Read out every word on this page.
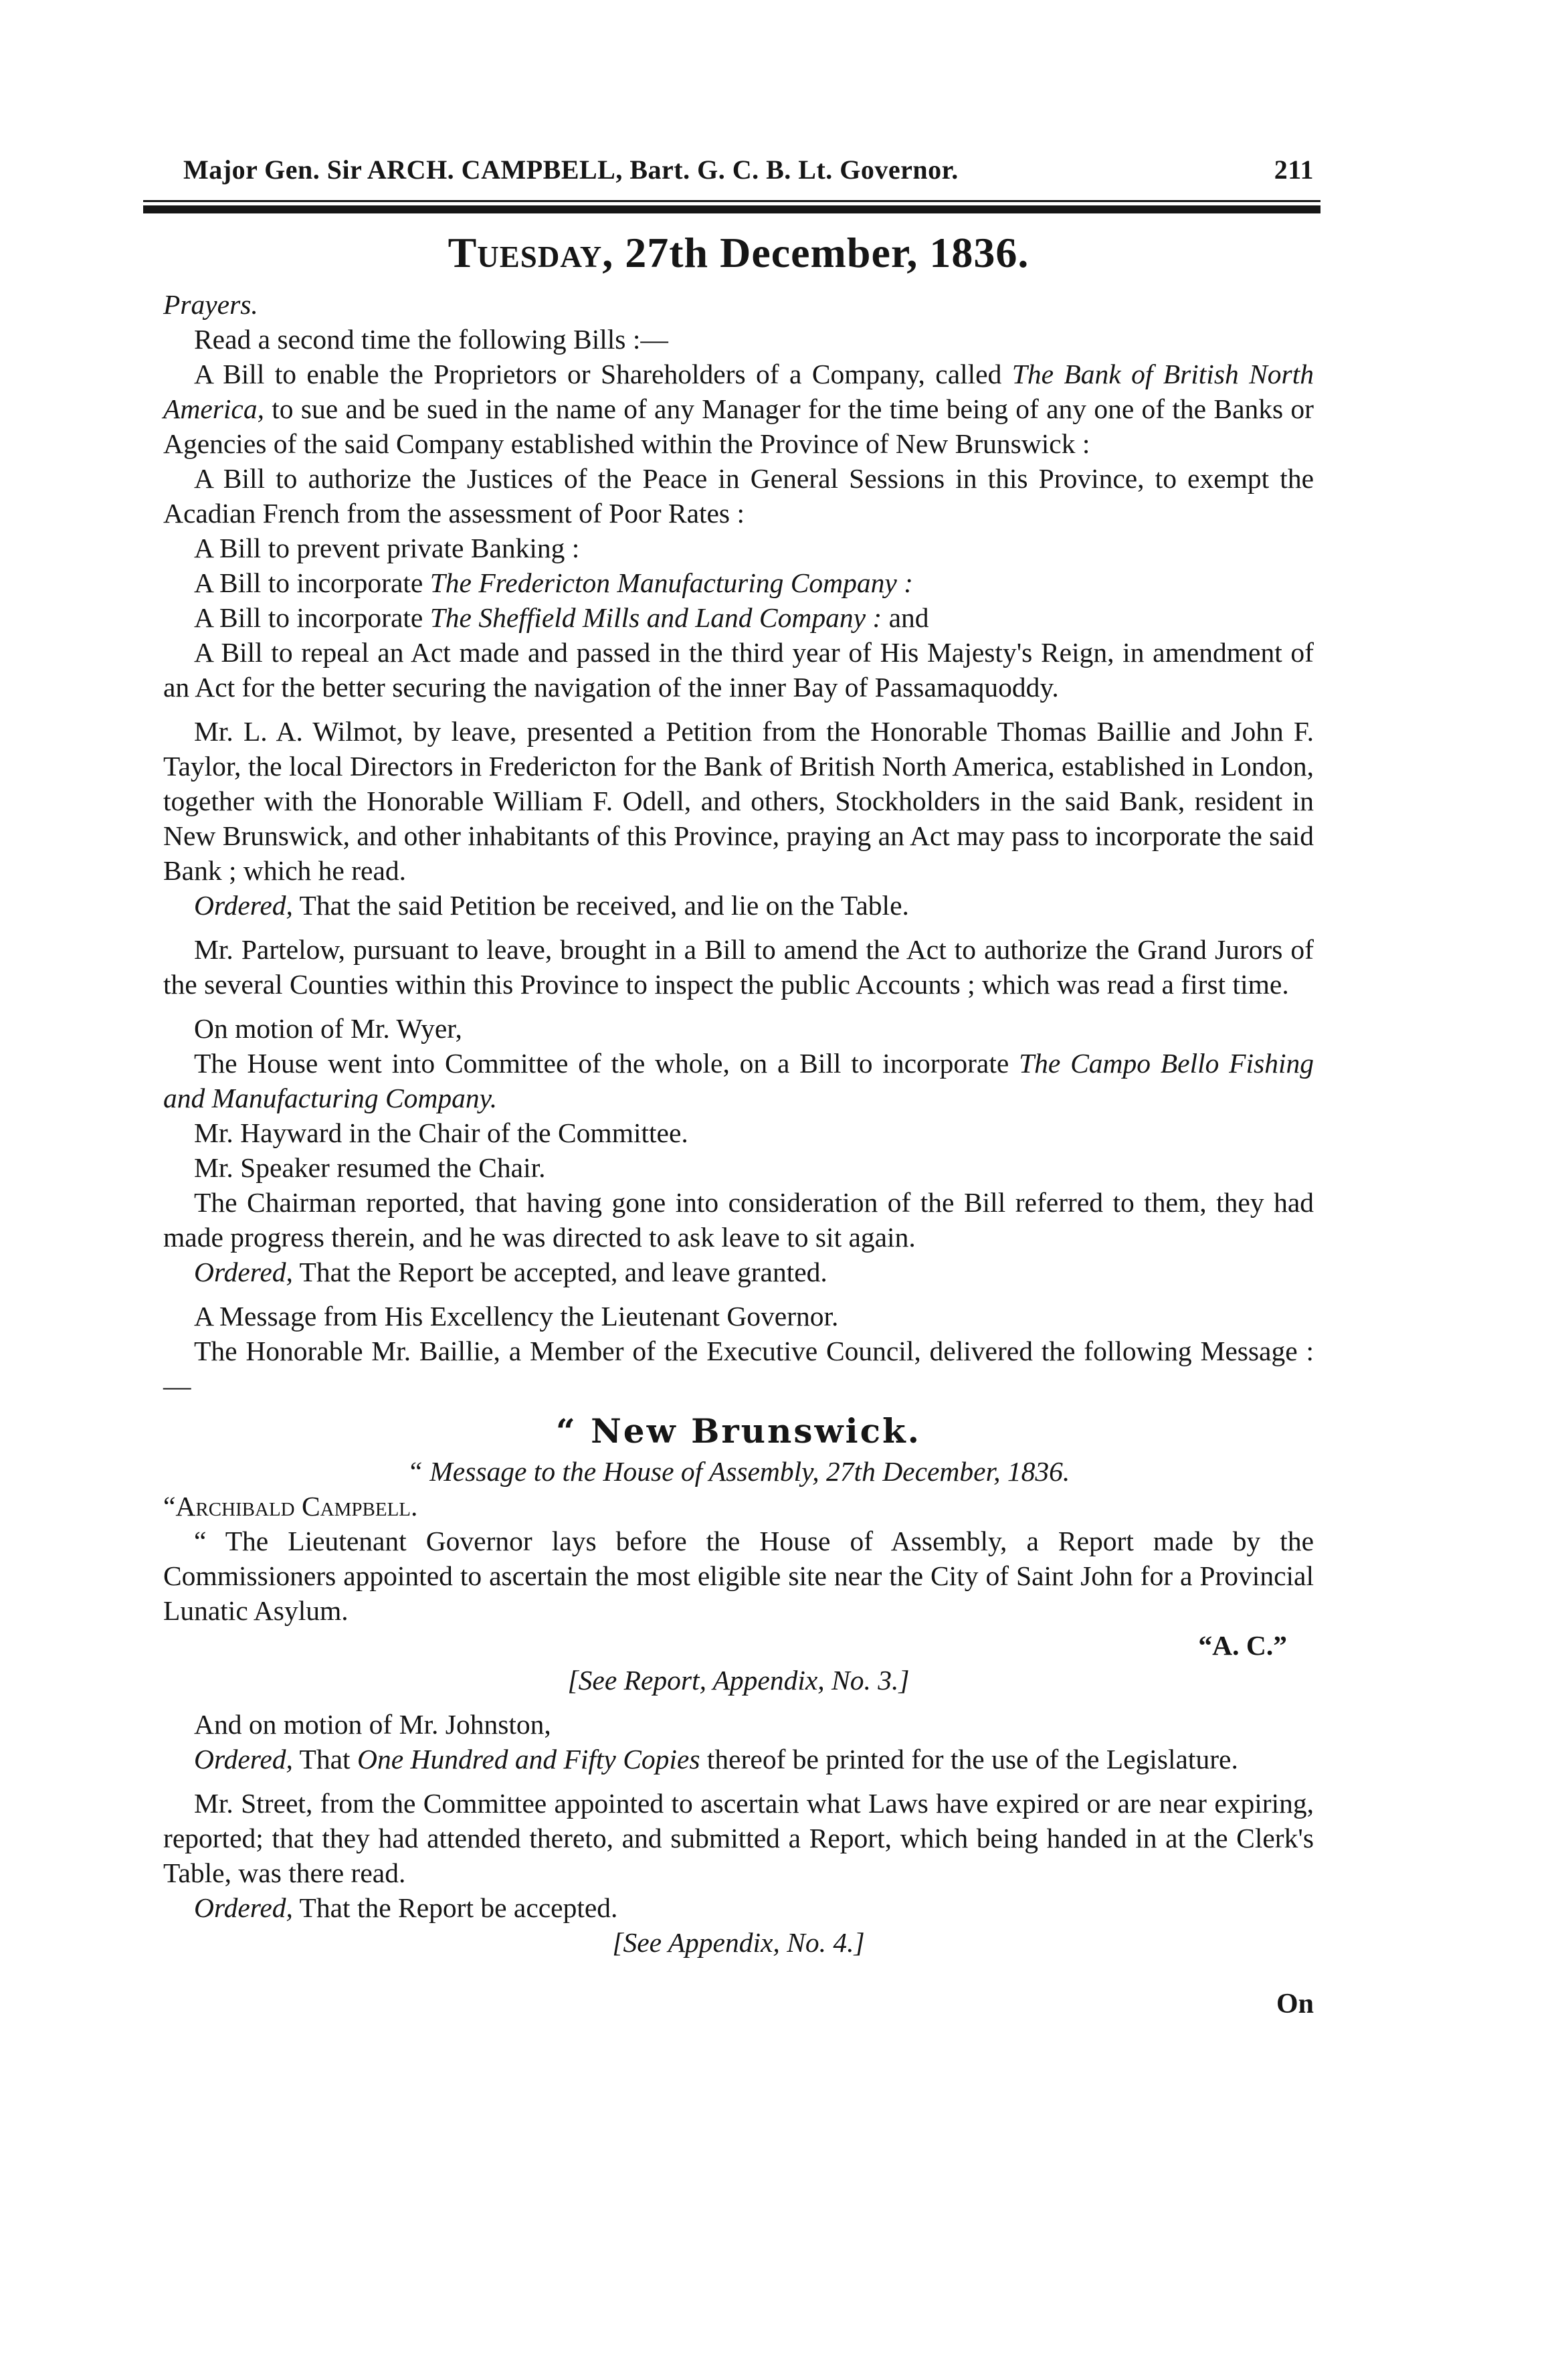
Major Gen. Sir ARCH. CAMPBELL, Bart. G. C. B. Lt. Governor.	211
Tuesday, 27th December, 1836.

Prayers.

Read a second time the following Bills :—

A Bill to enable the Proprietors or Shareholders of a Company, called The Bank of British North America, to sue and be sued in the name of any Manager for the time being of any one of the Banks or Agencies of the said Company established within the Province of New Brunswick :

A Bill to authorize the Justices of the Peace in General Sessions in this Province, to exempt the Acadian French from the assessment of Poor Rates :

A Bill to prevent private Banking :

A Bill to incorporate The Fredericton Manufacturing Company :

A Bill to incorporate The Sheffield Mills and Land Company : and

A Bill to repeal an Act made and passed in the third year of His Majesty's Reign, in amendment of an Act for the better securing the navigation of the inner Bay of Passamaquoddy.

Mr. L. A. Wilmot, by leave, presented a Petition from the Honorable Thomas Baillie and John F. Taylor, the local Directors in Fredericton for the Bank of British North America, established in London, together with the Honorable William F. Odell, and others, Stockholders in the said Bank, resident in New Brunswick, and other inhabitants of this Province, praying an Act may pass to incorporate the said Bank ; which he read.

Ordered, That the said Petition be received, and lie on the Table.

Mr. Partelow, pursuant to leave, brought in a Bill to amend the Act to authorize the Grand Jurors of the several Counties within this Province to inspect the public Accounts ; which was read a first time.

On motion of Mr. Wyer,

The House went into Committee of the whole, on a Bill to incorporate The Campo Bello Fishing and Manufacturing Company.

Mr. Hayward in the Chair of the Committee.

Mr. Speaker resumed the Chair.

The Chairman reported, that having gone into consideration of the Bill referred to them, they had made progress therein, and he was directed to ask leave to sit again.

Ordered, That the Report be accepted, and leave granted.

A Message from His Excellency the Lieutenant Governor.

The Honorable Mr. Baillie, a Member of the Executive Council, delivered the following Message :—

“ New Brunswick.

“ Message to the House of Assembly, 27th December, 1836.

“Archibald Campbell.

“ The Lieutenant Governor lays before the House of Assembly, a Report made by the Commissioners appointed to ascertain the most eligible site near the City of Saint John for a Provincial Lunatic Asylum.

“A. C.”

[See Report, Appendix, No. 3.]

And on motion of Mr. Johnston,

Ordered, That One Hundred and Fifty Copies thereof be printed for the use of the Legislature.

Mr. Street, from the Committee appointed to ascertain what Laws have expired or are near expiring, reported; that they had attended thereto, and submitted a Report, which being handed in at the Clerk's Table, was there read.

Ordered, That the Report be accepted.

[See Appendix, No. 4.]

On
